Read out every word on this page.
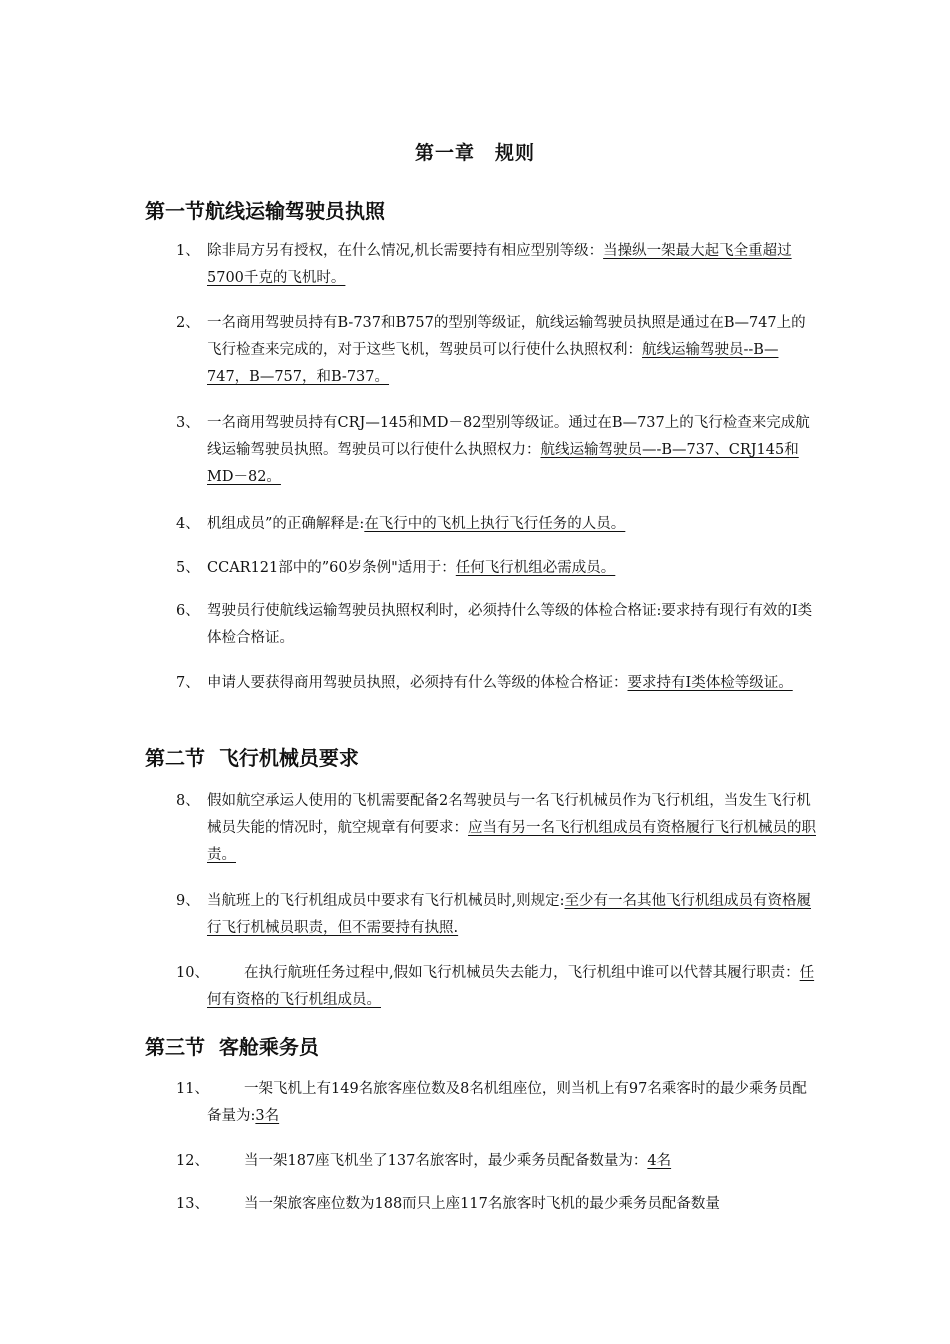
第一章　规则
第一节航线运输驾驶员执照
1、 除非局方另有授权，在什么情况,机长需要持有相应型别等级：当操纵一架最大起飞全重超过5700千克的飞机时。
2、 一名商用驾驶员持有B-737和B757的型别等级证，航线运输驾驶员执照是通过在B—747上的飞行检查来完成的，对于这些飞机，驾驶员可以行使什么执照权利：航线运输驾驶员--B—747，B—757，和B-737。
3、 一名商用驾驶员持有CRJ—145和MD－82型别等级证。通过在B—737上的飞行检查来完成航线运输驾驶员执照。驾驶员可以行使什么执照权力：航线运输驾驶员—-B—737、CRJ145和MD－82。
4、 机组成员”的正确解释是:在飞行中的飞机上执行飞行任务的人员。
5、 CCAR121部中的”60岁条例"适用于：任何飞行机组必需成员。
6、 驾驶员行使航线运输驾驶员执照权利时，必须持什么等级的体检合格证:要求持有现行有效的I类体检合格证。
7、 申请人要获得商用驾驶员执照，必须持有什么等级的体检合格证：要求持有I类体检等级证。
第二节  飞行机械员要求
8、 假如航空承运人使用的飞机需要配备2名驾驶员与一名飞行机械员作为飞行机组，当发生飞行机械员失能的情况时，航空规章有何要求：应当有另一名飞行机组成员有资格履行飞行机械员的职责。
9、 当航班上的飞行机组成员中要求有飞行机械员时,则规定:至少有一名其他飞行机组成员有资格履行飞行机械员职责，但不需要持有执照.
10、	在执行航班任务过程中,假如飞行机械员失去能力，飞行机组中谁可以代替其履行职责：任何有资格的飞行机组成员。
第三节  客舱乘务员
11、	一架飞机上有149名旅客座位数及8名机组座位，则当机上有97名乘客时的最少乘务员配备量为:3名
12、	当一架187座飞机坐了137名旅客时，最少乘务员配备数量为：4名
13、	当一架旅客座位数为188而只上座117名旅客时飞机的最少乘务员配备数量
